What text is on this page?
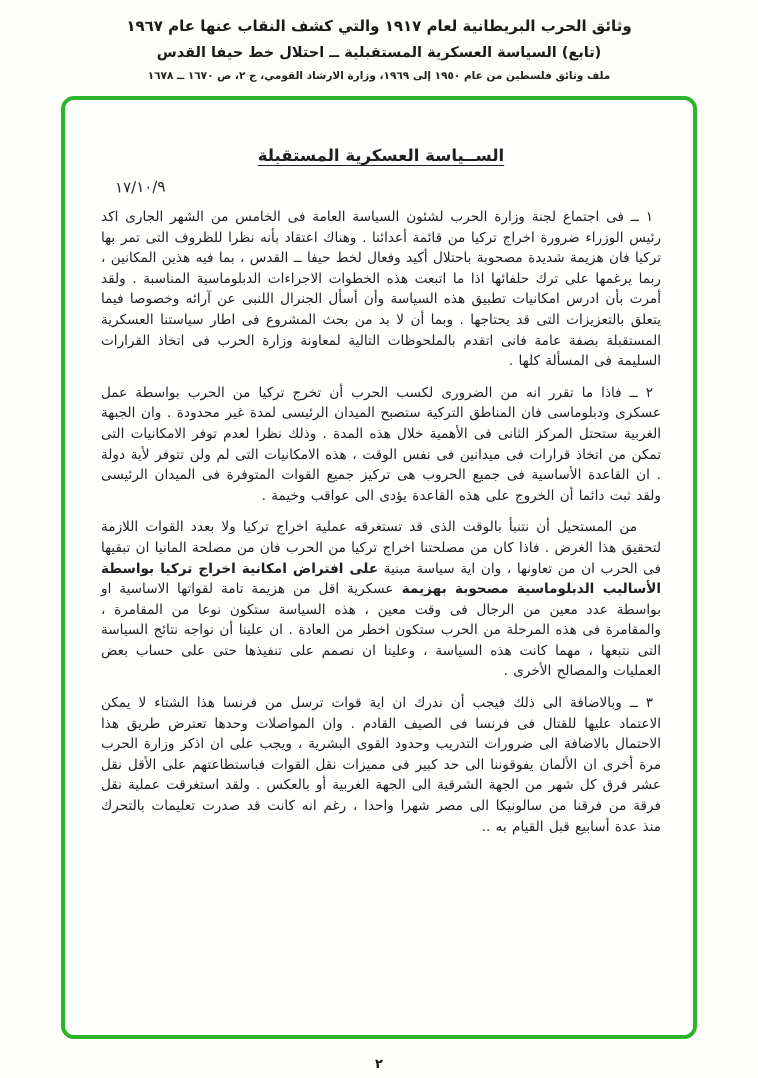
وثائق الحرب البريطانية لعام ١٩١٧ والتي كشف النقاب عنها عام ١٩٦٧
(تابع) السياسة العسكرية المستقبلية ــ احتلال خط حيفا القدس
ملف وثائق فلسطين من عام ١٩٥٠ إلى ١٩٦٩، وزارة الارشاد القومي، ج ٢، ص ١٦٧٠ ــ ١٦٧٨
الســياسة العسكرية المستقبلة
١٧/١٠/٩

١ ــ فى اجتماع لجنة وزارة الحرب لشئون السياسة العامة فى الخامس من الشهر الجارى اكد رئيس الوزراء ضرورة اخراج تركيا من قائمة أعدائنا . وهناك اعتقاد بأنه نظرا للظروف التى تمر بها تركيا فان هزيمة شديدة مصحوبة باحتلال أكيد وفعال لخط حيفا ــ القدس ، بما فيه هذين المكانين ، ربما يرغمها على ترك حلفائها اذا ما اتبعت هذه الخطوات الاجراءات الدبلوماسية المناسبة . ولقد أمرت بأن ادرس امكانيات تطبيق هذه السياسة وأن أسأل الجنرال اللنبى عن آرائه وخصوصا فيما يتعلق بالتعزيزات التى قد يحتاجها . وبما أن لا بد من بحث المشروع فى اطار سياستنا العسكرية المستقبلة بصفة عامة فانى اتقدم بالملحوظات التالية لمعاونة وزارة الحرب فى اتخاذ القرارات السليمة فى المسألة كلها .

٢ ــ فاذا ما تقرر انه من الضرورى لكسب الحرب أن تخرج تركيا من الحرب بواسطة عمل عسكرى ودبلوماسى فان المناطق التركية ستصبح الميدان الرئيسى لمدة غير محدودة . وان الجبهة الغربية ستحتل المركز الثانى فى الأهمية خلال هذه المدة . وذلك نظرا لعدم توفر الامكانيات التى تمكن من اتخاذ قرارات فى ميدانين فى نفس الوقت ، هذه الامكانيات التى لم ولن تتوفر لأية دولة . ان القاعدة الأساسية فى جميع الحروب هى تركيز جميع القوات المتوفرة فى الميدان الرئيسى ولقد ثبت دائما أن الخروج على هذه القاعدة يؤدى الى عواقب وخيمة .

من المستحيل أن نتنبأ بالوقت الذى قد تستغرقه عملية اخراج تركيا ولا بعدد القوات اللازمة لتحقيق هذا الغرض . فاذا كان من مصلحتنا اخراج تركيا من الحرب فان من مصلحة المانيا ان تبقيها فى الحرب ان من تعاونها ، وان اية سياسة مبنية على افتراض امكانية اخراج تركيا بواسطة الأساليب الدبلوماسية مصحوبة بهزيمة عسكرية اقل من هزيمة تامة لقواتها الاساسية او بواسطة عدد معين من الرجال فى وقت معين ، هذه السياسة ستكون نوعا من المقامرة ، والمقامرة فى هذه المرحلة من الحرب ستكون اخطر من العادة . ان علينا أن نواجه نتائج السياسة التى نتبعها ، مهما كانت هذه السياسة ، وعلينا ان نصمم على تنفيذها حتى على حساب بعض العمليات والمصالح الأخرى .

٣ ــ وبالاضافة الى ذلك فيجب أن ندرك ان اية قوات ترسل من فرنسا هذا الشتاء لا يمكن الاعتماد عليها للقتال فى فرنسا فى الصيف القادم . وان المواصلات وحدها تعترض طريق هذا الاحتمال بالاضافة الى ضرورات التدريب وحدود القوى البشرية ، ويجب على ان اذكر وزارة الحرب مرة أخرى ان الألمان يفوقوننا الى حد كبير فى مميزات نقل القوات فباستطاعتهم على الأقل نقل عشر فرق كل شهر من الجهة الشرقية الى الجهة الغربية أو بالعكس . ولقد استغرقت عملية نقل فرقة من فرقنا من سالونيكا الى مصر شهرا واحدا ، رغم انه كانت قد صدرت تعليمات بالتحرك منذ عدة أسابيع قبل القيام به ..

٢
